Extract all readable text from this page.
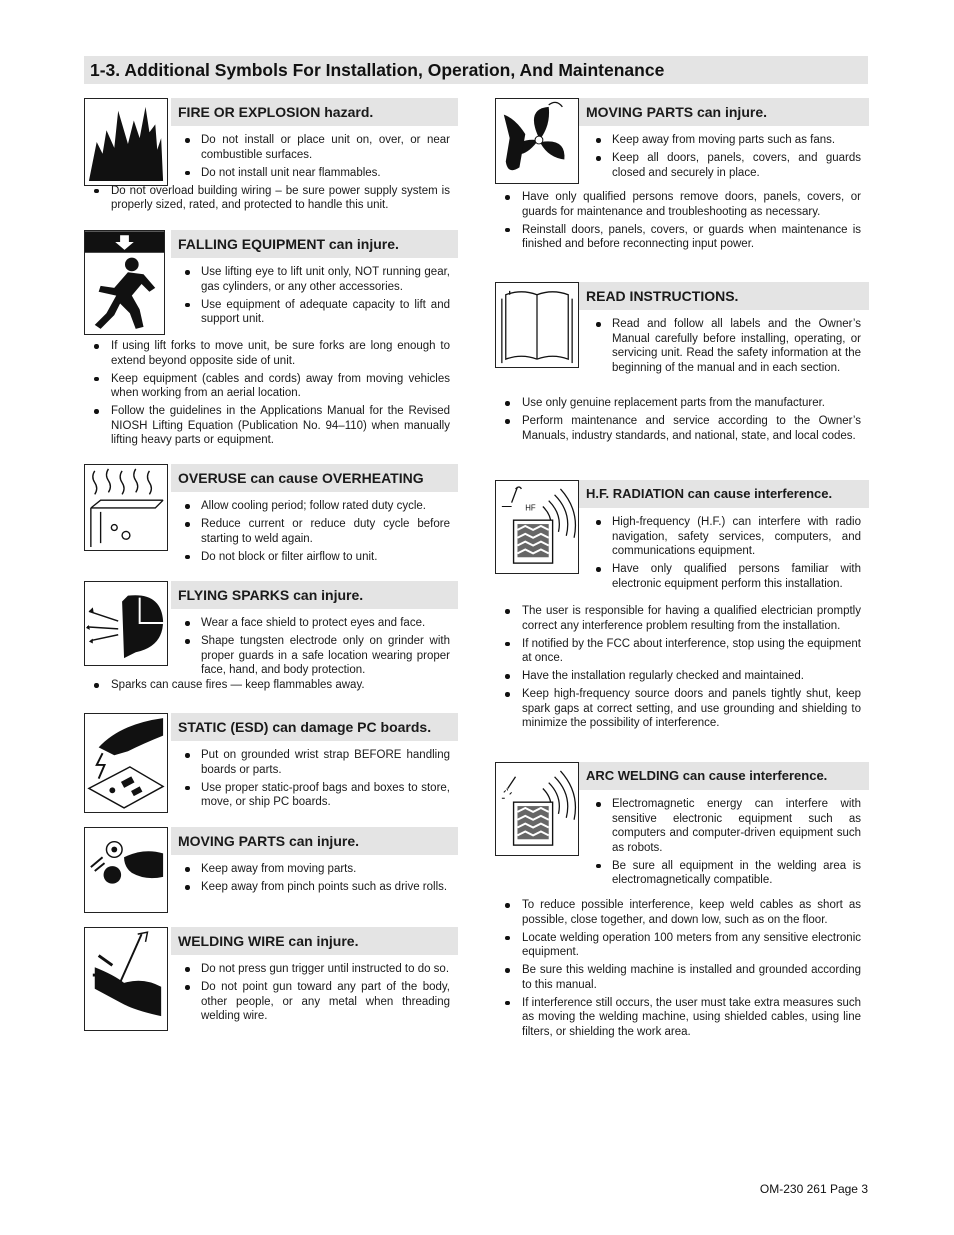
1-3. Additional Symbols For Installation, Operation, And Maintenance
FIRE OR EXPLOSION hazard.
Do not install or place unit on, over, or near combustible surfaces.
Do not install unit near flammables.
Do not overload building wiring – be sure power supply system is properly sized, rated, and protected to handle this unit.
FALLING EQUIPMENT can injure.
Use lifting eye to lift unit only, NOT running gear, gas cylinders, or any other accessories.
Use equipment of adequate capacity to lift and support unit.
If using lift forks to move unit, be sure forks are long enough to extend beyond opposite side of unit.
Keep equipment (cables and cords) away from moving vehicles when working from an aerial location.
Follow the guidelines in the Applications Manual for the Revised NIOSH Lifting Equation (Publication No. 94–110) when manually lifting heavy parts or equipment.
OVERUSE can cause OVERHEATING
Allow cooling period; follow rated duty cycle.
Reduce current or reduce duty cycle before starting to weld again.
Do not block or filter airflow to unit.
FLYING SPARKS can injure.
Wear a face shield to protect eyes and face.
Shape tungsten electrode only on grinder with proper guards in a safe location wearing proper face, hand, and body protection.
Sparks can cause fires — keep flammables away.
STATIC (ESD) can damage PC boards.
Put on grounded wrist strap BEFORE handling boards or parts.
Use proper static-proof bags and boxes to store, move, or ship PC boards.
MOVING PARTS can injure.
Keep away from moving parts.
Keep away from pinch points such as drive rolls.
WELDING WIRE can injure.
Do not press gun trigger until instructed to do so.
Do not point gun toward any part of the body, other people, or any metal when threading welding wire.
MOVING PARTS can injure.
Keep away from moving parts such as fans.
Keep all doors, panels, covers, and guards closed and securely in place.
Have only qualified persons remove doors, panels, covers, or guards for maintenance and troubleshooting as necessary.
Reinstall doors, panels, covers, or guards when maintenance is finished and before reconnecting input power.
READ INSTRUCTIONS.
Read and follow all labels and the Owner’s Manual carefully before installing, operating, or servicing unit. Read the safety information at the beginning of the manual and in each section.
Use only genuine replacement parts from the manufacturer.
Perform maintenance and service according to the Owner’s Manuals, industry standards, and national, state, and local codes.
HF
H.F. RADIATION can cause interference.
High-frequency (H.F.) can interfere with radio navigation, safety services, computers, and communications equipment.
Have only qualified persons familiar with electronic equipment perform this installation.
The user is responsible for having a qualified electrician promptly correct any interference problem resulting from the installation.
If notified by the FCC about interference, stop using the equipment at once.
Have the installation regularly checked and maintained.
Keep high-frequency source doors and panels tightly shut, keep spark gaps at correct setting, and use grounding and shielding to minimize the possibility of interference.
ARC WELDING can cause interference.
Electromagnetic energy can interfere with sensitive electronic equipment such as computers and computer-driven equipment such as robots.
Be sure all equipment in the welding area is electromagnetically compatible.
To reduce possible interference, keep weld cables as short as possible, close together, and down low, such as on the floor.
Locate welding operation 100 meters from any sensitive electronic equipment.
Be sure this welding machine is installed and grounded according to this manual.
If interference still occurs, the user must take extra measures such as moving the welding machine, using shielded cables, using line filters, or shielding the work area.
OM-230 261 Page 3
